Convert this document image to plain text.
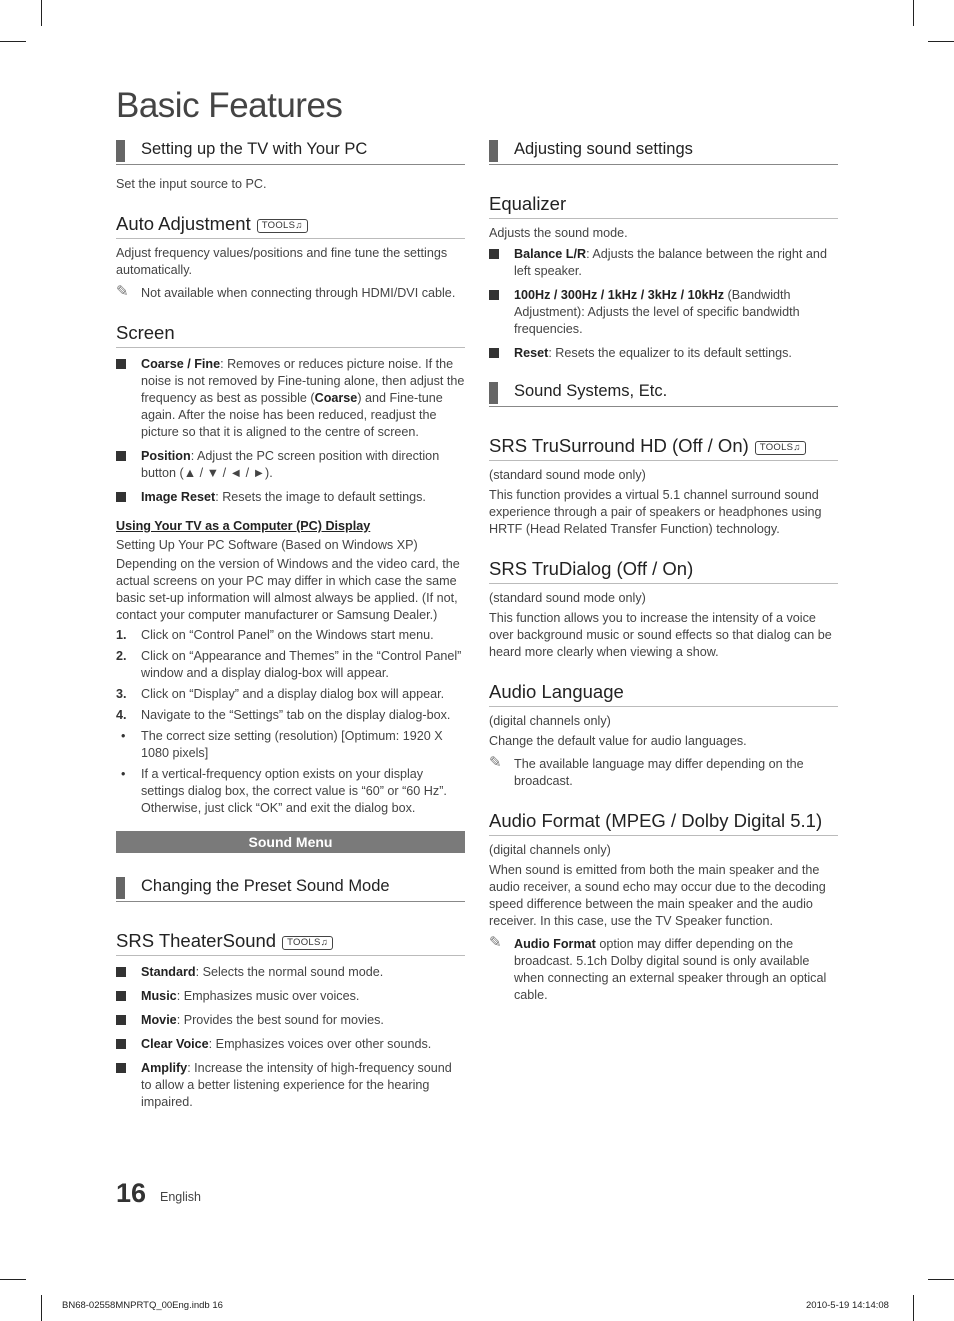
Basic Features
Setting up the TV with Your PC

Set the input source to PC.

Auto Adjustment TOOLS♫

Adjust frequency values/positions and fine tune the settings automatically.

✎ Not available when connecting through HDMI/DVI cable.
Screen
Coarse / Fine: Removes or reduces picture noise. If the noise is not removed by Fine-tuning alone, then adjust the frequency as best as possible (Coarse) and Fine-tune again. After the noise has been reduced, readjust the picture so that it is aligned to the centre of screen.
Position: Adjust the PC screen position with direction button (▲ / ▼ / ◄ / ►).
Image Reset: Resets the image to default settings.
Using Your TV as a Computer (PC) Display

Setting Up Your PC Software (Based on Windows XP)

Depending on the version of Windows and the video card, the actual screens on your PC may differ in which case the same basic set-up information will almost always be applied. (If not, contact your computer manufacturer or Samsung Dealer.)

1. Click on “Control Panel” on the Windows start menu.
2. Click on “Appearance and Themes” in the “Control Panel” window and a display dialog-box will appear.
3. Click on “Display” and a display dialog box will appear.
4. Navigate to the “Settings” tab on the display dialog-box.
• The correct size setting (resolution) [Optimum: 1920 X 1080 pixels]
• If a vertical-frequency option exists on your display settings dialog box, the correct value is “60” or “60 Hz”. Otherwise, just click “OK” and exit the dialog box.
Sound Menu
Changing the Preset Sound Mode
SRS TheaterSound TOOLS♫
Standard: Selects the normal sound mode.
Music: Emphasizes music over voices.
Movie: Provides the best sound for movies.
Clear Voice: Emphasizes voices over other sounds.
Amplify: Increase the intensity of high-frequency sound to allow a better listening experience for the hearing impaired.
Adjusting sound settings
Equalizer

Adjusts the sound mode.

Balance L/R: Adjusts the balance between the right and left speaker.
100Hz / 300Hz / 1kHz / 3kHz / 10kHz (Bandwidth Adjustment): Adjusts the level of specific bandwidth frequencies.
Reset: Resets the equalizer to its default settings.
Sound Systems, Etc.
SRS TruSurround HD (Off / On) TOOLS♫

(standard sound mode only)

This function provides a virtual 5.1 channel surround sound experience through a pair of speakers or headphones using HRTF (Head Related Transfer Function) technology.

SRS TruDialog (Off / On)

(standard sound mode only)

This function allows you to increase the intensity of a voice over background music or sound effects so that dialog can be heard more clearly when viewing a show.

Audio Language

(digital channels only)

Change the default value for audio languages.

✎ The available language may differ depending on the broadcast.
Audio Format (MPEG / Dolby Digital 5.1)

(digital channels only)

When sound is emitted from both the main speaker and the audio receiver, a sound echo may occur due to the decoding speed difference between the main speaker and the audio receiver. In this case, use the TV Speaker function.

✎ Audio Format option may differ depending on the broadcast. 5.1ch Dolby digital sound is only available when connecting an external speaker through an optical cable.
16 English
BN68-02558MNPRTQ_00Eng.indb 16	2010-5-19 14:14:08
